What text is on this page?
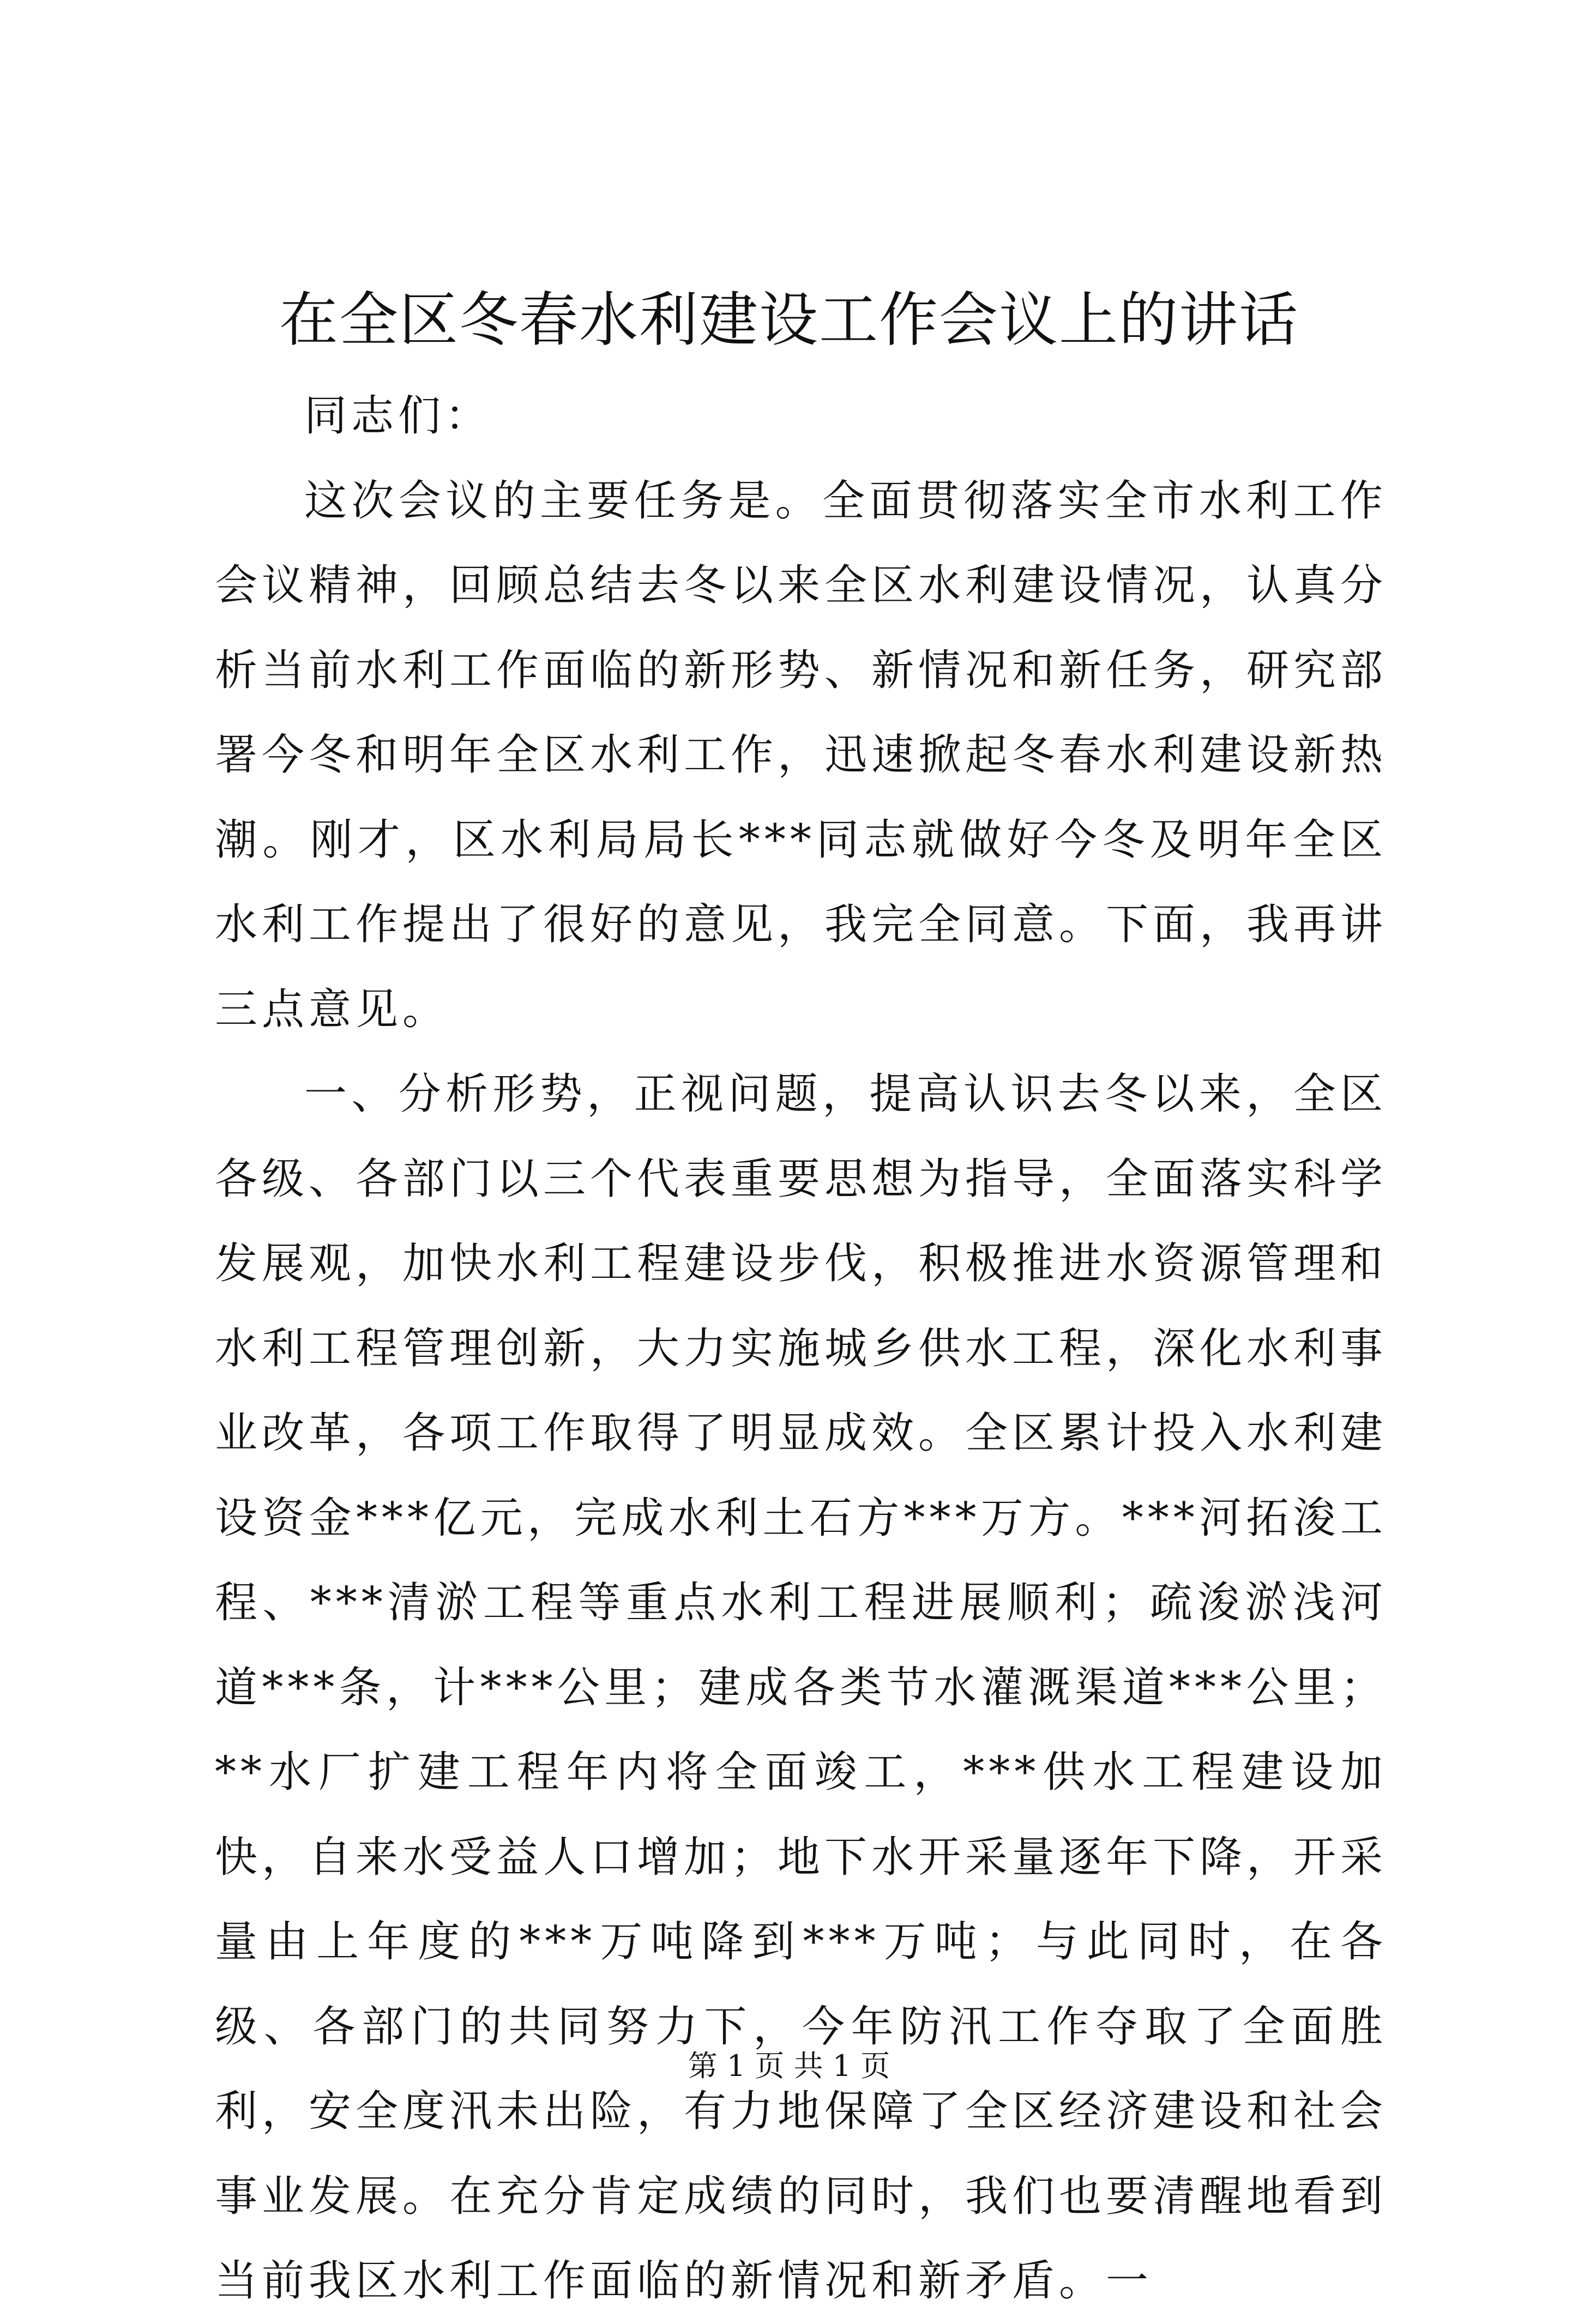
在全区冬春水利建设工作会议上的讲话

同志们：

这次会议的主要任务是。全面贯彻落实全市水利工作会议精神，回顾总结去冬以来全区水利建设情况，认真分析当前水利工作面临的新形势、新情况和新任务，研究部署今冬和明年全区水利工作，迅速掀起冬春水利建设新热潮。刚才，区水利局局长***同志就做好今冬及明年全区水利工作提出了很好的意见，我完全同意。下面，我再讲三点意见。

一、分析形势，正视问题，提高认识去冬以来，全区各级、各部门以三个代表重要思想为指导，全面落实科学发展观，加快水利工程建设步伐，积极推进水资源管理和水利工程管理创新，大力实施城乡供水工程，深化水利事业改革，各项工作取得了明显成效。全区累计投入水利建设资金***亿元，完成水利土石方***万方。***河拓浚工程、***清淤工程等重点水利工程进展顺利；疏浚淤浅河道***条，计***公里；建成各类节水灌溉渠道***公里；**水厂扩建工程年内将全面竣工，***供水工程建设加快，自来水受益人口增加；地下水开采量逐年下降，开采量由上年度的***万吨降到***万吨；与此同时，在各级、各部门的共同努力下，今年防汛工作夺取了全面胜利，安全度汛未出险，有力地保障了全区经济建设和社会事业发展。在充分肯定成绩的同时，我们也要清醒地看到当前我区水利工作面临的新情况和新矛盾。一

第 1 页 共 1 页
